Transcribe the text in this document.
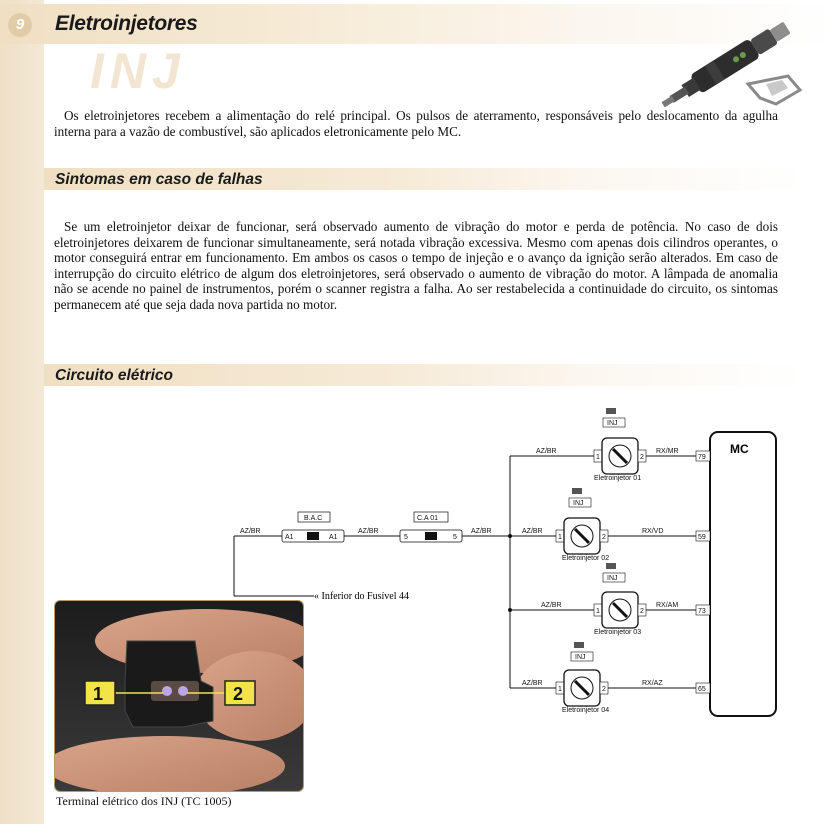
9	Eletroinjetores
INJ

Os eletroinjetores recebem a alimentação do relé principal. Os pulsos de aterramento, responsáveis pelo deslocamento da agulha interna para a vazão de combustível, são aplicados eletronicamente pelo MC.

Sintomas em caso de falhas

Se um eletroinjetor deixar de funcionar, será observado aumento de vibração do motor e perda de potência. No caso de dois eletroinjetores deixarem de funcionar simultaneamente, será notada vibração excessiva. Mesmo com apenas dois cilindros operantes, o motor conseguirá entrar em funcionamento. Em ambos os casos o tempo de injeção e o avanço da ignição serão alterados. Em caso de interrupção do circuito elétrico de algum dos eletroinjetores, será observado o aumento de vibração do motor. A lâmpada de anomalia não se acende no painel de instrumentos, porém o scanner registra a falha. Ao ser restabelecida a continuidade do circuito, os sintomas permanecem até que seja dada nova partida no motor.

Circuito elétrico
MC
« Inferior do Fusível 44
AZ/BR
B.A.C
A1	A1
AZ/BR
C.A 01
5	5
AZ/BR
AZ/BR
INJ
1	2
Eletroinjetor 01
RX/MR
79
AZ/BR
INJ
1	2
Eletroinjetor 02
RX/VD
59
AZ/BR
INJ
1	2
Eletroinjetor 03
RX/AM
73
AZ/BR
INJ
1	2
Eletroinjetor 04
RX/AZ
65
1	2
Terminal elétrico dos INJ (TC 1005)
